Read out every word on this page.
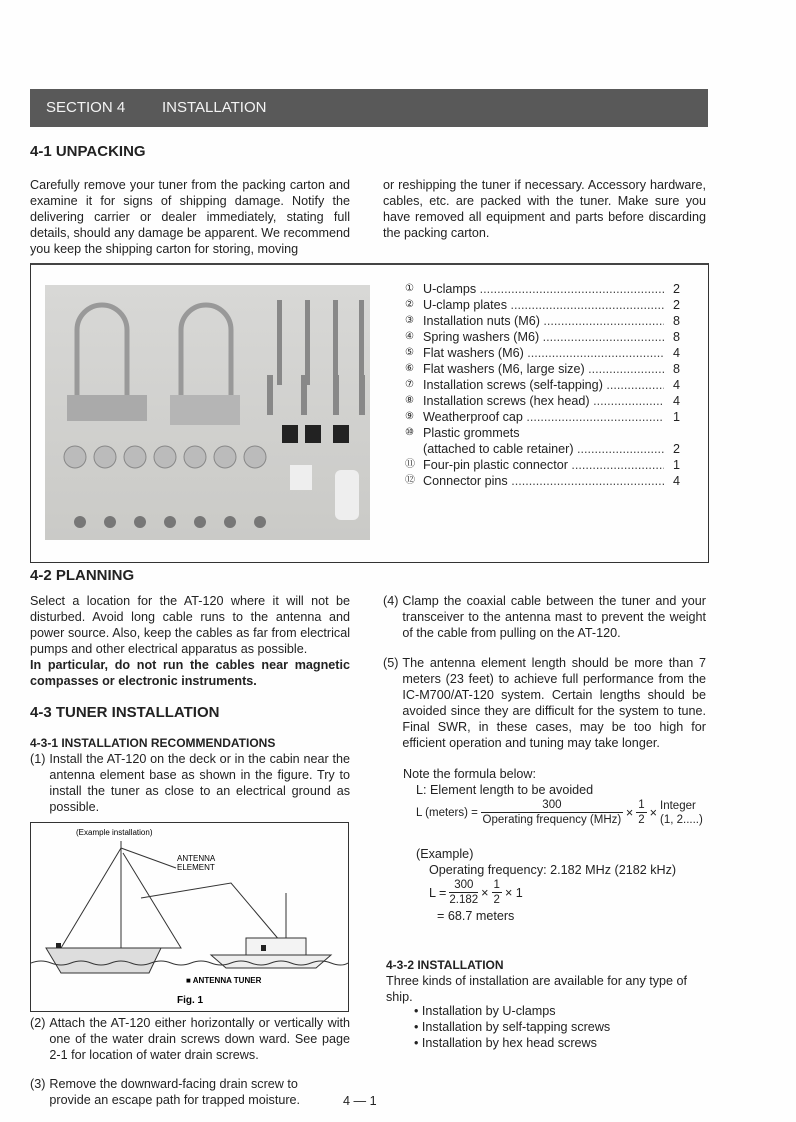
SECTION 4 INSTALLATION
4-1 UNPACKING

Carefully remove your tuner from the packing carton and examine it for signs of shipping damage. Notify the delivering carrier or dealer immediately, stating full details, should any damage be apparent. We recommend you keep the shipping carton for storing, moving

or reshipping the tuner if necessary. Accessory hardware, cables, etc. are packed with the tuner. Make sure you have removed all equipment and parts before discarding the packing carton.

① U-clamps .....	2
② U-clamp plates .....	2
③ Installation nuts (M6) .....	8
④ Spring washers (M6) .....	8
⑤ Flat washers (M6) .....	4
⑥ Flat washers (M6, large size) .....	8
⑦ Installation screws (self-tapping) .....	4
⑧ Installation screws (hex head) .....	4
⑨ Weatherproof cap .....	1
⑩ Plastic grommets
(attached to cable retainer) .....	2
⑪ Four-pin plastic connector .....	1
⑫ Connector pins .....	4
4-2 PLANNING

Select a location for the AT-120 where it will not be disturbed. Avoid long cable runs to the antenna and power source. Also, keep the cables as far from electrical pumps and other electrical apparatus as possible.

In particular, do not run the cables near magnetic compasses or electronic instruments.

4-3 TUNER INSTALLATION
4-3-1 INSTALLATION RECOMMENDATIONS
(1) Install the AT-120 on the deck or in the cabin near the antenna element base as shown in the figure. Try to install the tuner as close to an electrical ground as possible.

(Example installation)
ANTENNA
ELEMENT
■ ANTENNA TUNER
Fig. 1
(2) Attach the AT-120 either horizontally or vertically with one of the water drain screws down ward. See page 2-1 for location of water drain screws.

(3) Remove the downward-facing drain screw to provide an escape path for trapped moisture.	4 — 1
(4) Clamp the coaxial cable between the tuner and your transceiver to the antenna mast to prevent the weight of the cable from pulling on the AT-120.

(5) The antenna element length should be more than 7 meters (23 feet) to achieve full performance from the IC-M700/AT-120 system. Certain lengths should be avoided since they are difficult for the system to tune. Final SWR, in these cases, may be too high for efficient operation and tuning may take longer.

Note the formula below:
L: Element length to be avoided
L (meters) = $\frac{300}{\text{Operating frequency (MHz)}} \times \frac{1}{2}$ × Integer
(1, 2.....)
(Example)
Operating frequency: 2.182 MHz (2182 kHz)
$L = \frac{300}{2.182} \times \frac{1}{2} \times 1$
= 68.7 meters
4-3-2 INSTALLATION

Three kinds of installation are available for any type of ship.

• Installation by U-clamps
• Installation by self-tapping screws
• Installation by hex head screws
